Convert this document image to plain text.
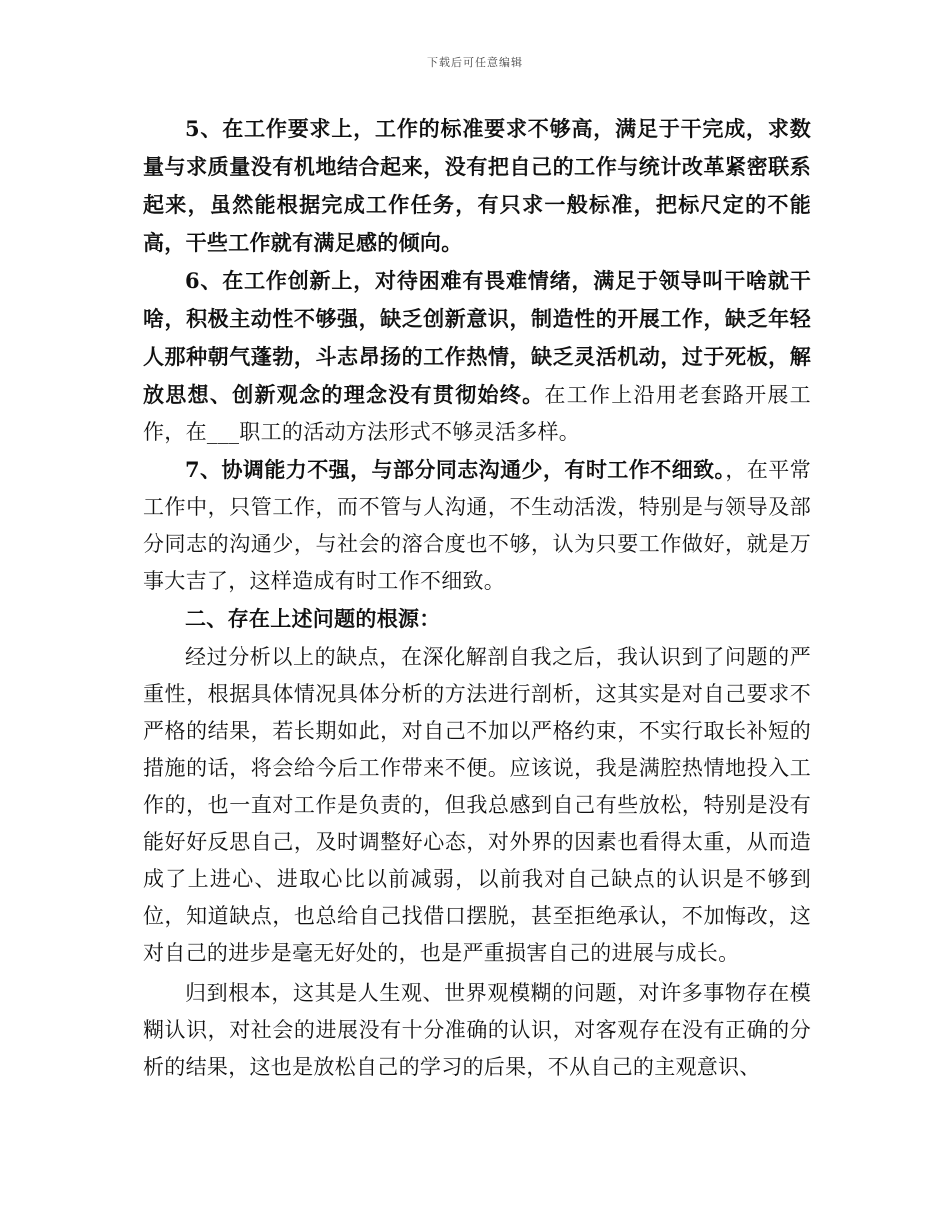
下载后可任意编辑

5、在工作要求上，工作的标准要求不够高，满足于干完成，求数量与求质量没有机地结合起来，没有把自己的工作与统计改革紧密联系起来，虽然能根据完成工作任务，有只求一般标准，把标尺定的不能高，干些工作就有满足感的倾向。

6、在工作创新上，对待困难有畏难情绪，满足于领导叫干啥就干啥，积极主动性不够强，缺乏创新意识，制造性的开展工作，缺乏年轻人那种朝气蓬勃，斗志昂扬的工作热情，缺乏灵活机动，过于死板，解放思想、创新观念的理念没有贯彻始终。在工作上沿用老套路开展工作，在___职工的活动方法形式不够灵活多样。

7、协调能力不强，与部分同志沟通少，有时工作不细致。，在平常工作中，只管工作，而不管与人沟通，不生动活泼，特别是与领导及部分同志的沟通少，与社会的溶合度也不够，认为只要工作做好，就是万事大吉了，这样造成有时工作不细致。

二、存在上述问题的根源：

经过分析以上的缺点，在深化解剖自我之后，我认识到了问题的严重性，根据具体情况具体分析的方法进行剖析，这其实是对自己要求不严格的结果，若长期如此，对自己不加以严格约束，不实行取长补短的措施的话，将会给今后工作带来不便。应该说，我是满腔热情地投入工作的，也一直对工作是负责的，但我总感到自己有些放松，特别是没有能好好反思自己，及时调整好心态，对外界的因素也看得太重，从而造成了上进心、进取心比以前减弱，以前我对自己缺点的认识是不够到位，知道缺点，也总给自己找借口摆脱，甚至拒绝承认，不加悔改，这对自己的进步是毫无好处的，也是严重损害自己的进展与成长。

归到根本，这其是人生观、世界观模糊的问题，对许多事物存在模糊认识，对社会的进展没有十分准确的认识，对客观存在没有正确的分析的结果，这也是放松自己的学习的后果，不从自己的主观意识、
